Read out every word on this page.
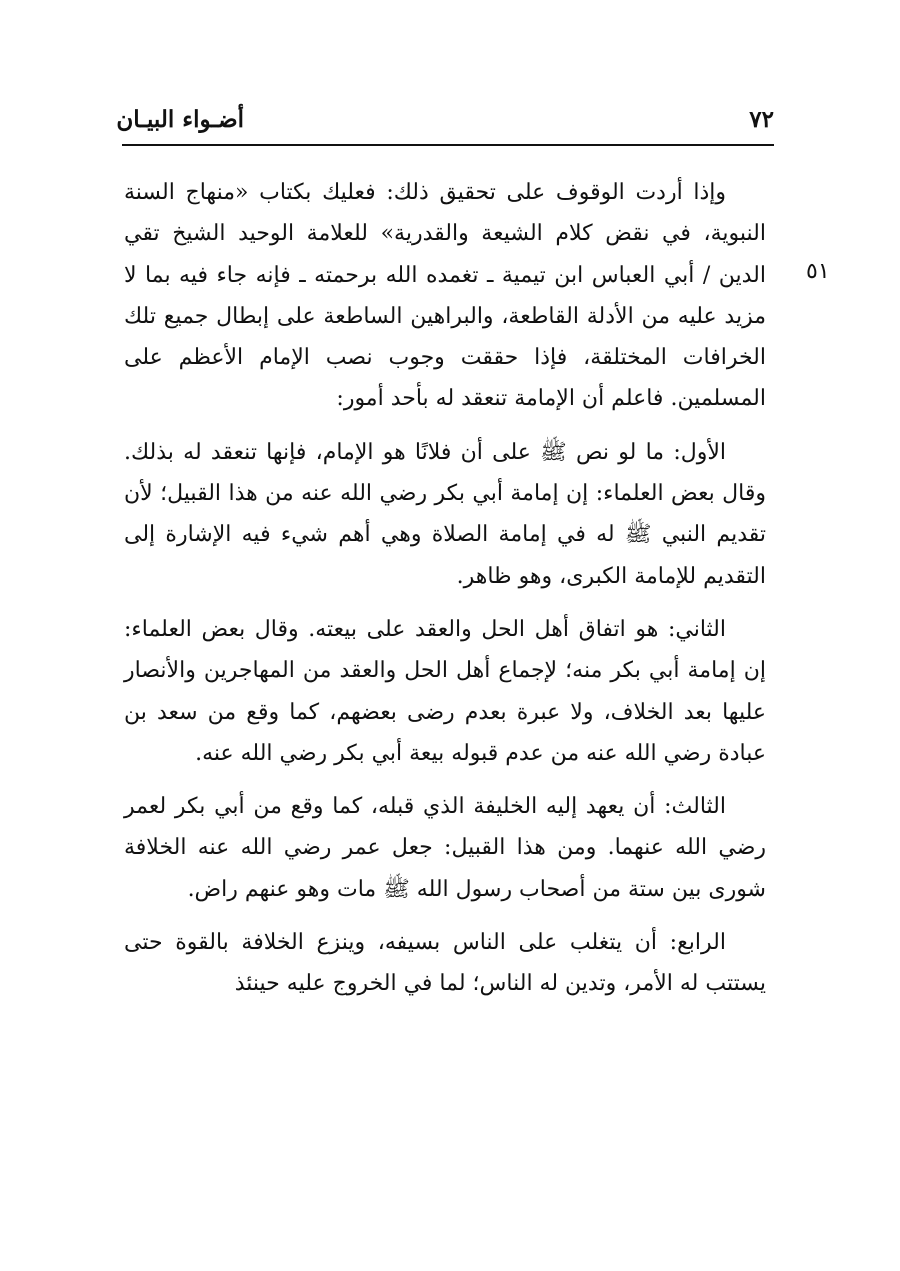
٧٢
أضـواء البيـان
٥١

وإذا أردت الوقوف على تحقيق ذلك: فعليك بكتاب «منهاج السنة النبوية، في نقض كلام الشيعة والقدرية» للعلامة الوحيد الشيخ تقي الدين / أبي العباس ابن تيمية ـ تغمده الله برحمته ـ فإنه جاء فيه بما لا مزيد عليه من الأدلة القاطعة، والبراهين الساطعة على إبطال جميع تلك الخرافات المختلقة، فإذا حققت وجوب نصب الإمام الأعظم على المسلمين. فاعلم أن الإمامة تنعقد له بأحد أمور:

الأول: ما لو نص ﷺ على أن فلانًا هو الإمام، فإنها تنعقد له بذلك. وقال بعض العلماء: إن إمامة أبي بكر رضي الله عنه من هذا القبيل؛ لأن تقديم النبي ﷺ له في إمامة الصلاة وهي أهم شيء فيه الإشارة إلى التقديم للإمامة الكبرى، وهو ظاهر.

الثاني: هو اتفاق أهل الحل والعقد على بيعته. وقال بعض العلماء: إن إمامة أبي بكر منه؛ لإجماع أهل الحل والعقد من المهاجرين والأنصار عليها بعد الخلاف، ولا عبرة بعدم رضى بعضهم، كما وقع من سعد بن عبادة رضي الله عنه من عدم قبوله بيعة أبي بكر رضي الله عنه.

الثالث: أن يعهد إليه الخليفة الذي قبله، كما وقع من أبي بكر لعمر رضي الله عنهما. ومن هذا القبيل: جعل عمر رضي الله عنه الخلافة شورى بين ستة من أصحاب رسول الله ﷺ مات وهو عنهم راض.

الرابع: أن يتغلب على الناس بسيفه، وينزع الخلافة بالقوة حتى يستتب له الأمر، وتدين له الناس؛ لما في الخروج عليه حينئذ
